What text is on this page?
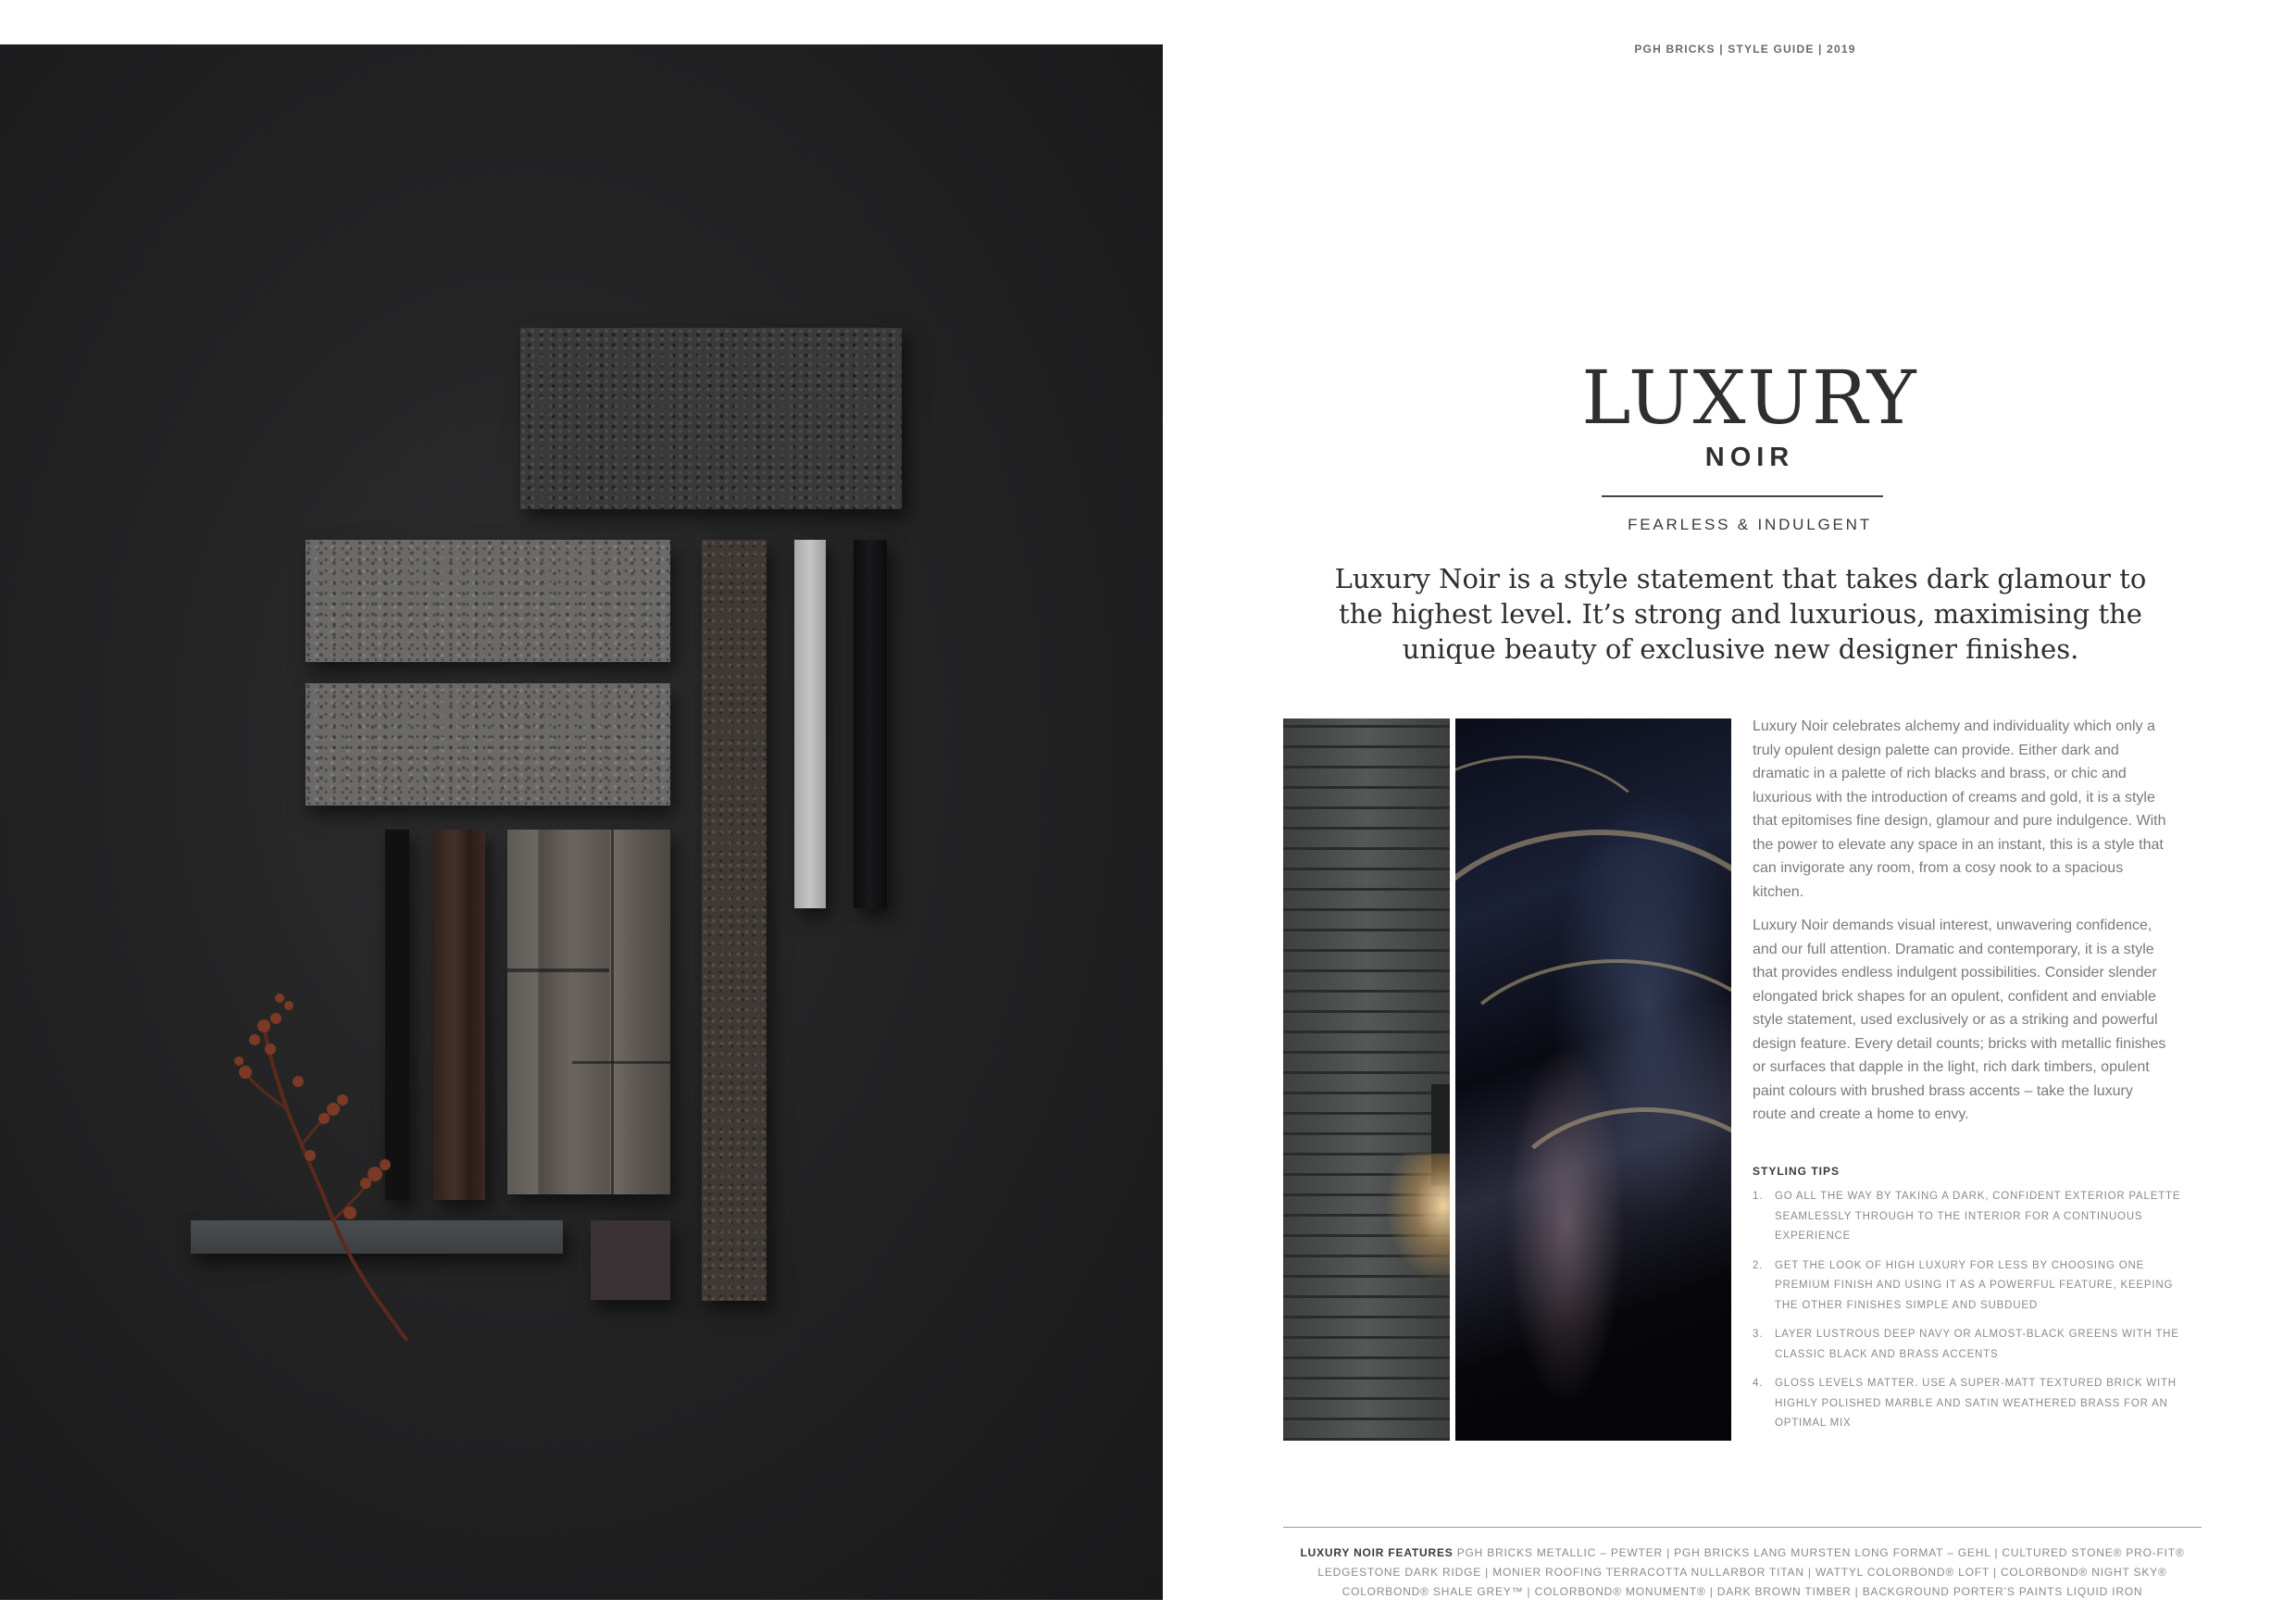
PGH BRICKS | STYLE GUIDE | 2019
LUXURY
NOIR
FEARLESS & INDULGENT
Luxury Noir is a style statement that takes dark glamour to the highest level. It’s strong and luxurious, maximising the unique beauty of exclusive new designer finishes.
Luxury Noir celebrates alchemy and individuality which only a truly opulent design palette can provide. Either dark and dramatic in a palette of rich blacks and brass, or chic and luxurious with the introduction of creams and gold, it is a style that epitomises fine design, glamour and pure indulgence. With the power to elevate any space in an instant, this is a style that can invigorate any room, from a cosy nook to a spacious kitchen.
Luxury Noir demands visual interest, unwavering confidence, and our full attention. Dramatic and contemporary, it is a style that provides endless indulgent possibilities. Consider slender elongated brick shapes for an opulent, confident and enviable style statement, used exclusively or as a striking and powerful design feature. Every detail counts; bricks with metallic finishes or surfaces that dapple in the light, rich dark timbers, opulent paint colours with brushed brass accents – take the luxury route and create a home to envy.
STYLING TIPS
1. GO ALL THE WAY BY TAKING A DARK, CONFIDENT EXTERIOR PALETTE SEAMLESSLY THROUGH TO THE INTERIOR FOR A CONTINUOUS EXPERIENCE
2. GET THE LOOK OF HIGH LUXURY FOR LESS BY CHOOSING ONE PREMIUM FINISH AND USING IT AS A POWERFUL FEATURE, KEEPING THE OTHER FINISHES SIMPLE AND SUBDUED
3. LAYER LUSTROUS DEEP NAVY OR ALMOST-BLACK GREENS WITH THE CLASSIC BLACK AND BRASS ACCENTS
4. GLOSS LEVELS MATTER. USE A SUPER-MATT TEXTURED BRICK WITH HIGHLY POLISHED MARBLE AND SATIN WEATHERED BRASS FOR AN OPTIMAL MIX
LUXURY NOIR FEATURES PGH BRICKS METALLIC – PEWTER | PGH BRICKS LANG MURSTEN LONG FORMAT – GEHL | CULTURED STONE® PRO-FIT® LEDGESTONE DARK RIDGE | MONIER ROOFING TERRACOTTA NULLARBOR TITAN | WATTYL COLORBOND® LOFT | COLORBOND® NIGHT SKY® COLORBOND® SHALE GREY™ | COLORBOND® MONUMENT® | DARK BROWN TIMBER | BACKGROUND PORTER’S PAINTS LIQUID IRON
